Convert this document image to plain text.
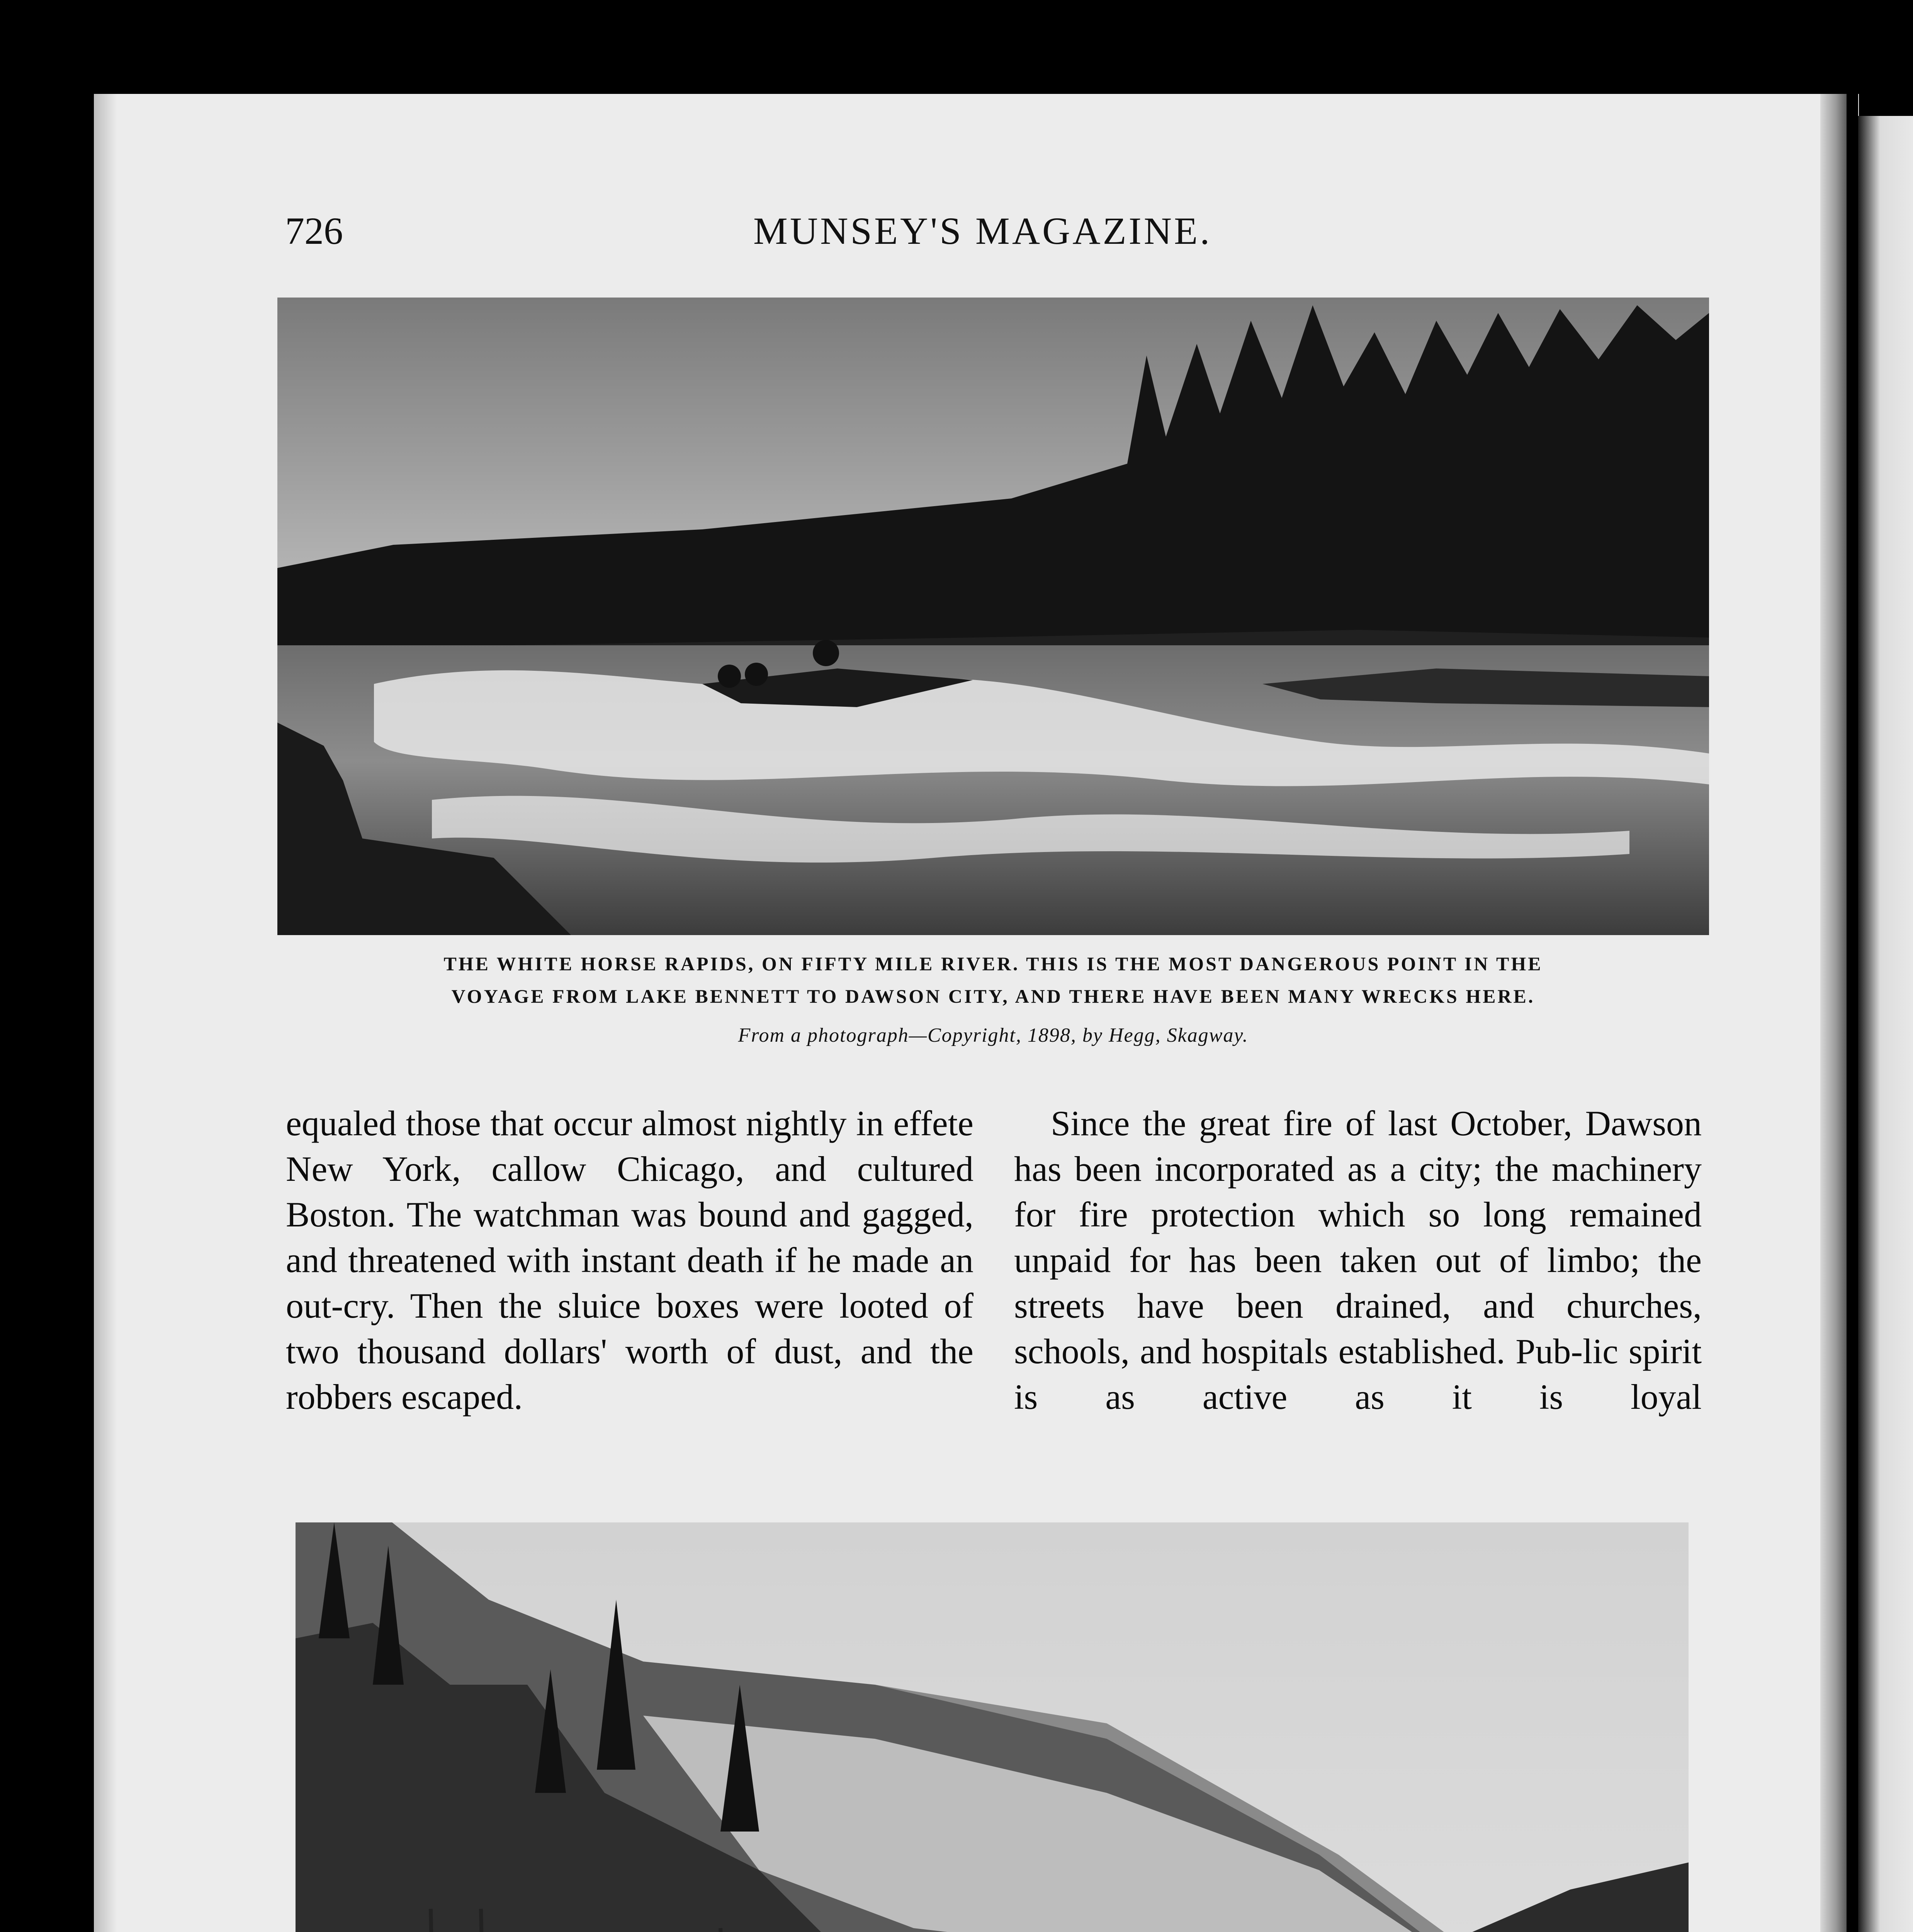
726	MUNSEY'S MAGAZINE.
THE WHITE HORSE RAPIDS, ON FIFTY MILE RIVER. THIS IS THE MOST DANGEROUS POINT IN THE
VOYAGE FROM LAKE BENNETT TO DAWSON CITY, AND THERE HAVE BEEN MANY WRECKS HERE.
From a photograph—Copyright, 1898, by Hegg, Skagway.

equaled those that occur almost nightly in effete New York, callow Chicago, and cultured Boston. The watchman was bound and gagged, and threatened with instant death if he made an out-cry. Then the sluice boxes were looted of two thousand dollars' worth of dust, and the robbers escaped.

Since the great fire of last October, Dawson has been incorporated as a city; the machinery for fire protection which so long remained unpaid for has been taken out of limbo; the streets have been drained, and churches, schools, and hospitals established. Pub-lic spirit is as active as it is loyal
